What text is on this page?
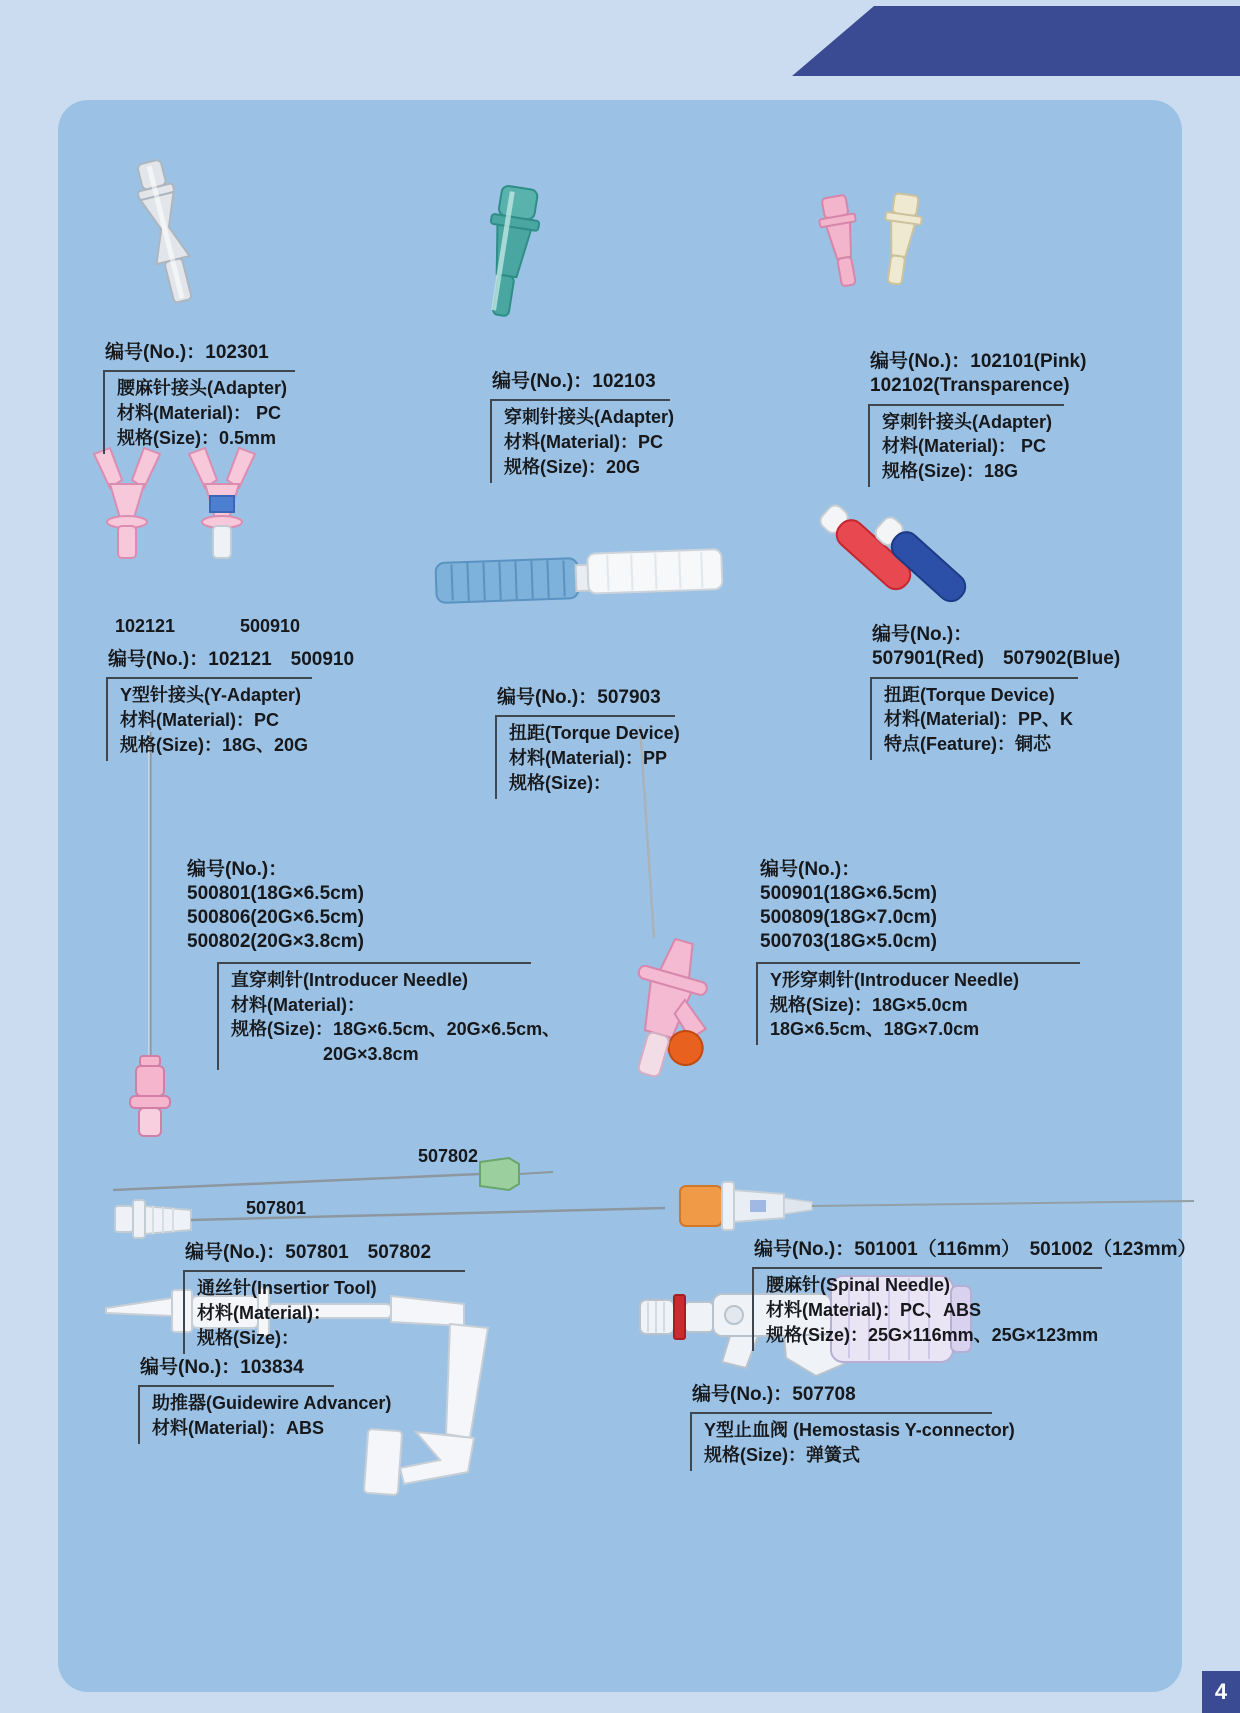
102121	500910
507802
507801
编号(No.)：102301
腰麻针接头(Adapter)
材料(Material)： PC
规格(Size)：0.5mm
编号(No.)：102103
穿刺针接头(Adapter)
材料(Material)：PC
规格(Size)：20G
编号(No.)：102101(Pink)
102102(Transparence)
穿刺针接头(Adapter)
材料(Material)： PC
规格(Size)：18G
编号(No.)：102121　500910
Y型针接头(Y-Adapter)
材料(Material)：PC
规格(Size)：18G、20G
编号(No.)：507903
扭距(Torque Device)
材料(Material)：PP
规格(Size)：
编号(No.)：
507901(Red)　507902(Blue)
扭距(Torque Device)
材料(Material)：PP、K
特点(Feature)：铜芯
编号(No.)：
500801(18G×6.5cm)
500806(20G×6.5cm)
500802(20G×3.8cm)
直穿刺针(Introducer Needle)
材料(Material)：
规格(Size)：18G×6.5cm、20G×6.5cm、
20G×3.8cm
编号(No.)：
500901(18G×6.5cm)
500809(18G×7.0cm)
500703(18G×5.0cm)
Y形穿刺针(Introducer Needle)
规格(Size)：18G×5.0cm
18G×6.5cm、18G×7.0cm
编号(No.)：507801　507802
通丝针(Insertior Tool)
材料(Material)：
规格(Size)：
编号(No.)：501001（116mm）　501002（123mm）
腰麻针(Spinal Needle)
材料(Material)：PC、ABS
规格(Size)：25G×116mm、25G×123mm
编号(No.)：103834
助推器(Guidewire Advancer)
材料(Material)：ABS
编号(No.)：507708
Y型止血阀 (Hemostasis Y-connector)
规格(Size)：弹簧式
4
